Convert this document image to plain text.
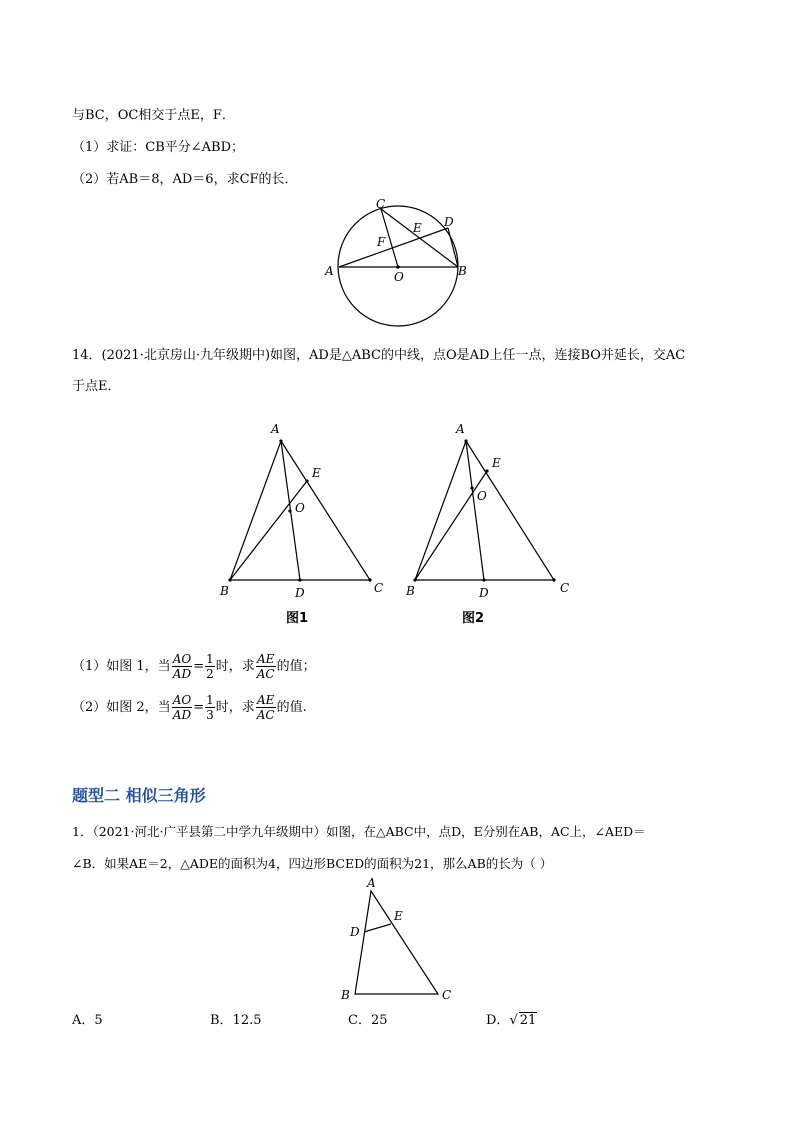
与BC，OC相交于点E，F．
（1）求证：CB平分∠ABD；
（2）若AB＝8，AD＝6，求CF的长．
C
D
E
F
A	O	B
14．(2021·北京房山·九年级期中)如图，AD是△ABC的中线，点O是AD上任一点，连接BO并延长，交AC
于点E．
A
E
O
B	D	C
图1
A
E
O
B	D	C
图2
（1）如图 1，当 $\frac{AO}{AD} = \frac{1}{2}$ 时，求 $\frac{AE}{AC}$ 的值；
（2）如图 2，当 $\frac{AO}{AD} = \frac{1}{3}$ 时，求 $\frac{AE}{AC}$ 的值.
题型二 相似三角形
1．（2021·河北·广平县第二中学九年级期中）如图，在△ABC中，点D，E分别在AB，AC上，∠AED＝
∠B．如果AE＝2，△ADE的面积为4，四边形BCED的面积为21，那么AB的长为（ ）
A
E
D
B	C
A．5	B．12.5	C．25	D．√ 21
